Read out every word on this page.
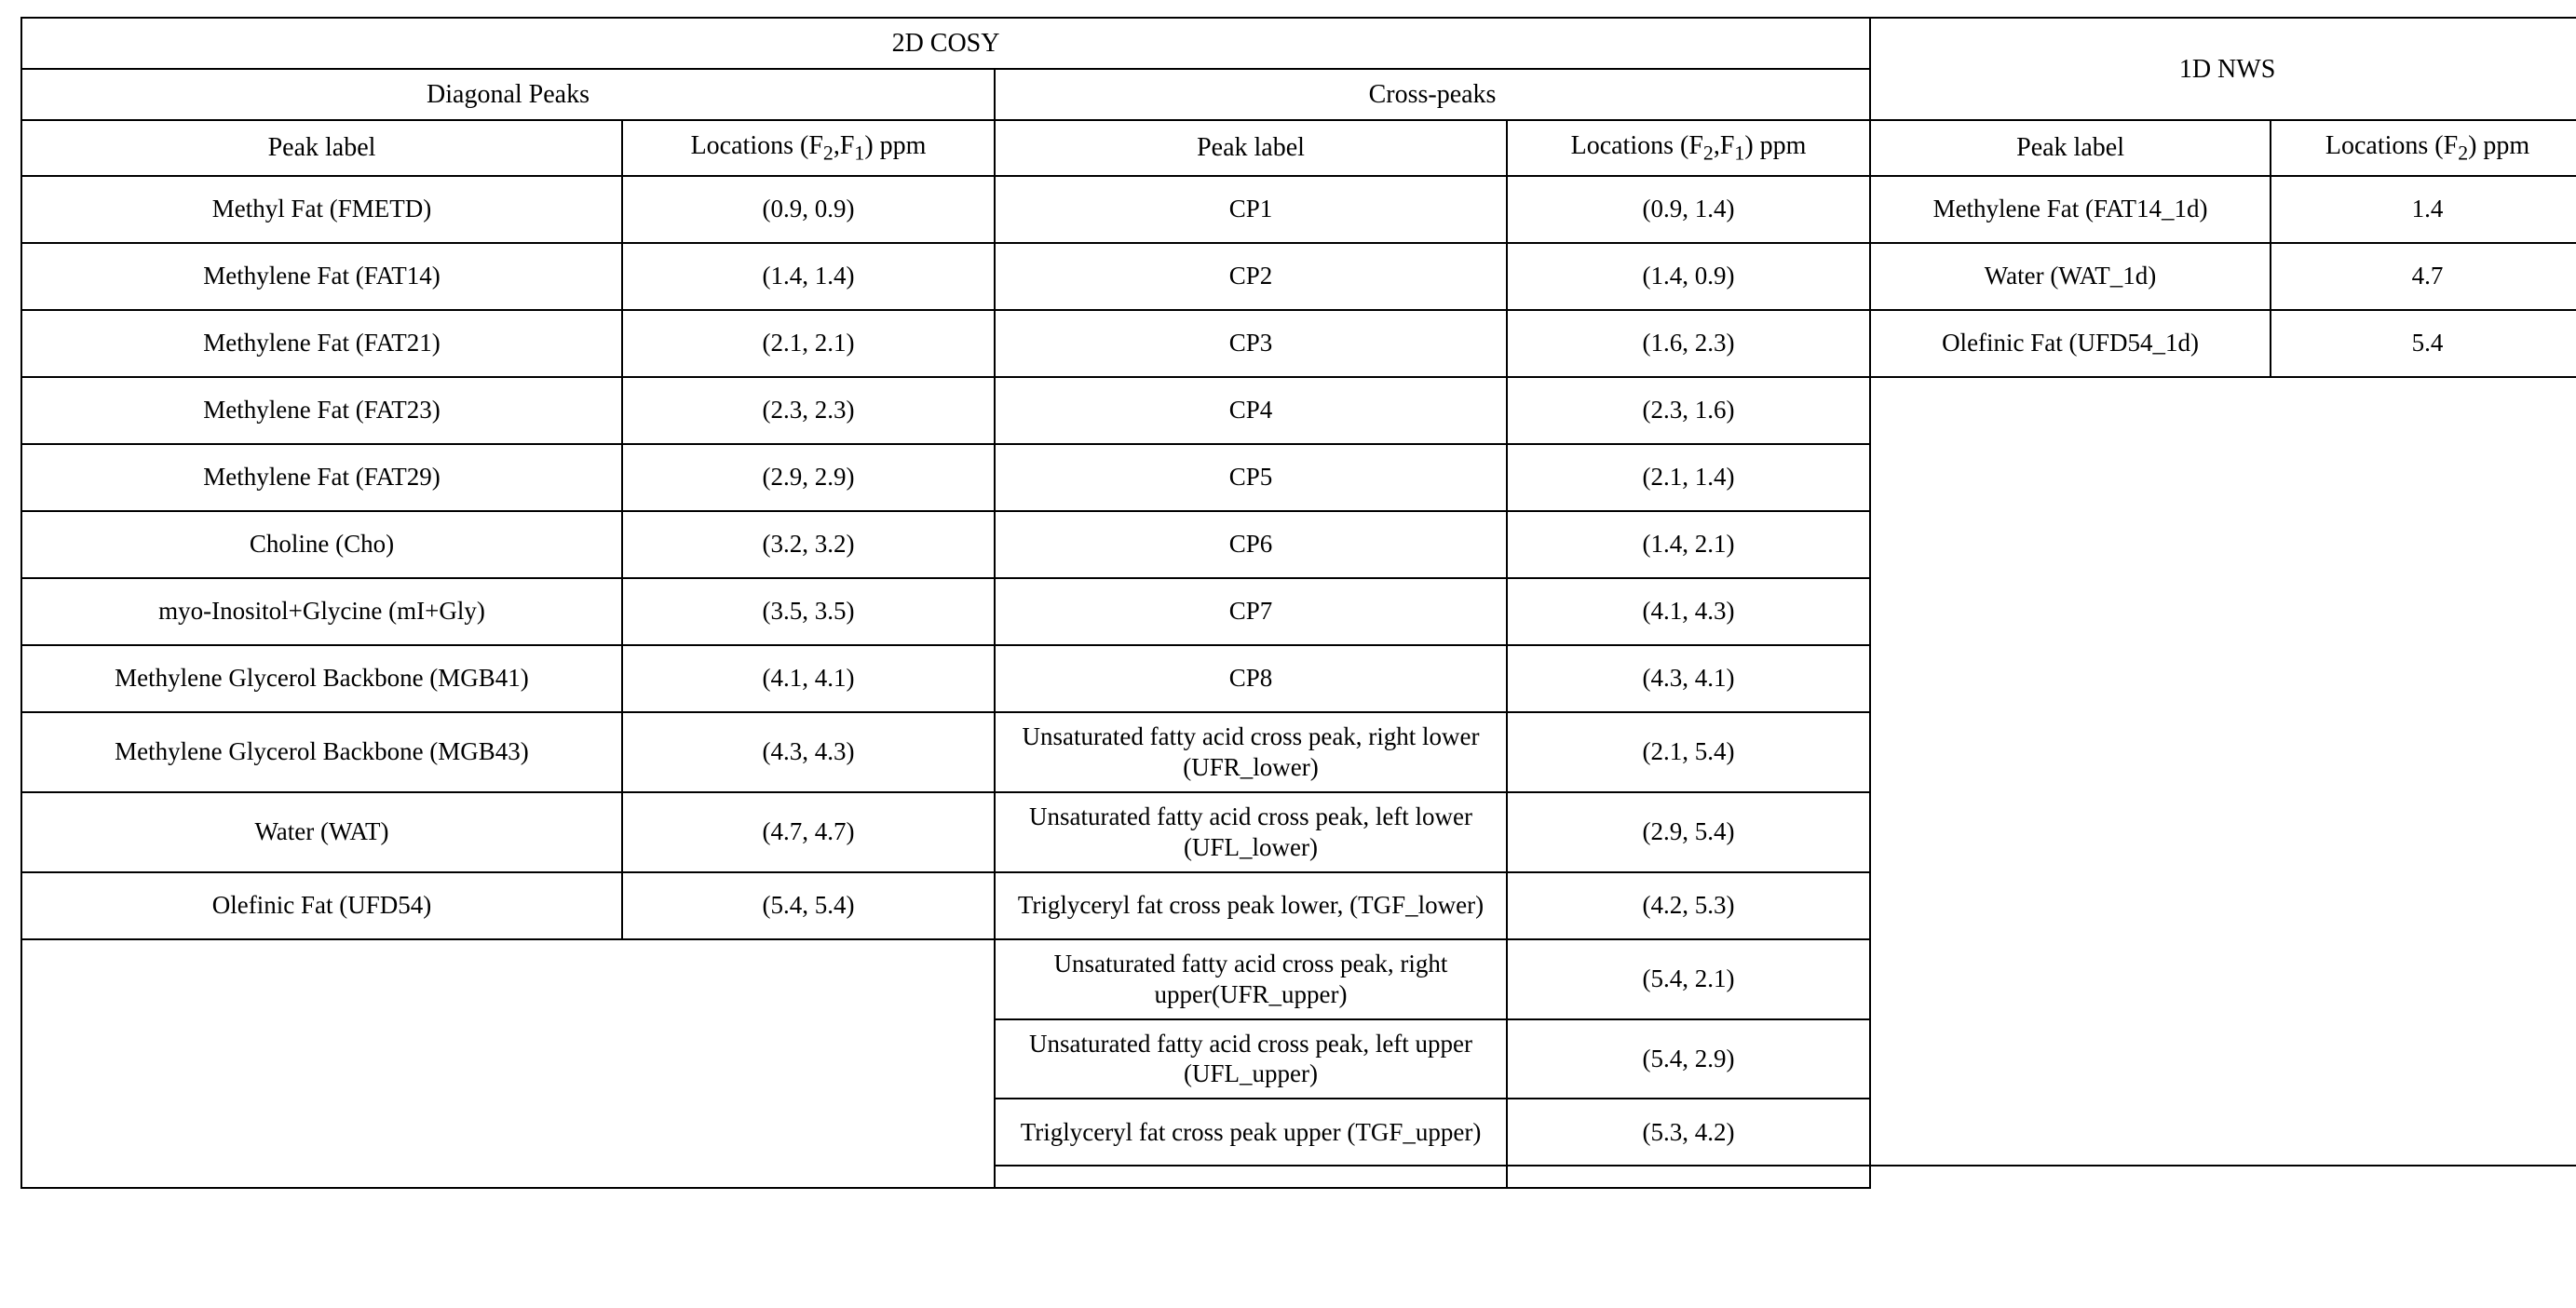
2D COSY				1D NWS	
Diagonal Peaks		Cross-peaks			
Peak label	Locations $(F_2,F_1)$ ppm	Peak label	Locations $(F_2,F_1)$ ppm	Peak label	Locations $(F_2)$ ppm
Methyl Fat (FMETD)	(0.9, 0.9)	CP1	(0.9, 1.4)	Methylene Fat (FAT14_1d)	1.4
Methylene Fat (FAT14)	(1.4, 1.4)	CP2	(1.4, 0.9)	Water (WAT_1d)	4.7
Methylene Fat (FAT21)	(2.1, 2.1)	CP3	(1.6, 2.3)	Olefinic Fat (UFD54_1d)	5.4
Methylene Fat (FAT23)	(2.3, 2.3)	CP4	(2.3, 1.6)		
Methylene Fat (FAT29)	(2.9, 2.9)	CP5	(2.1, 1.4)		
Choline (Cho)	(3.2, 3.2)	CP6	(1.4, 2.1)		
myo-Inositol+Glycine (mI+Gly)	(3.5, 3.5)	CP7	(4.1, 4.3)		
Methylene Glycerol Backbone (MGB41)	(4.1, 4.1)	CP8	(4.3, 4.1)		
Methylene Glycerol Backbone (MGB43)	(4.3, 4.3)	Unsaturated fatty acid cross peak, right lower (UFR_lower)	(2.1, 5.4)		
Water (WAT)	(4.7, 4.7)	Unsaturated fatty acid cross peak, left lower (UFL_lower)	(2.9, 5.4)		
Olefinic Fat (UFD54)	(5.4, 5.4)	Triglyceryl fat cross peak lower, (TGF_lower)	(4.2, 5.3)		
		Unsaturated fatty acid cross peak, right upper(UFR_upper)	(5.4, 2.1)		
		Unsaturated fatty acid cross peak, left upper (UFL_upper)	(5.4, 2.9)		
		Triglyceryl fat cross peak upper (TGF_upper)	(5.3, 4.2)		
